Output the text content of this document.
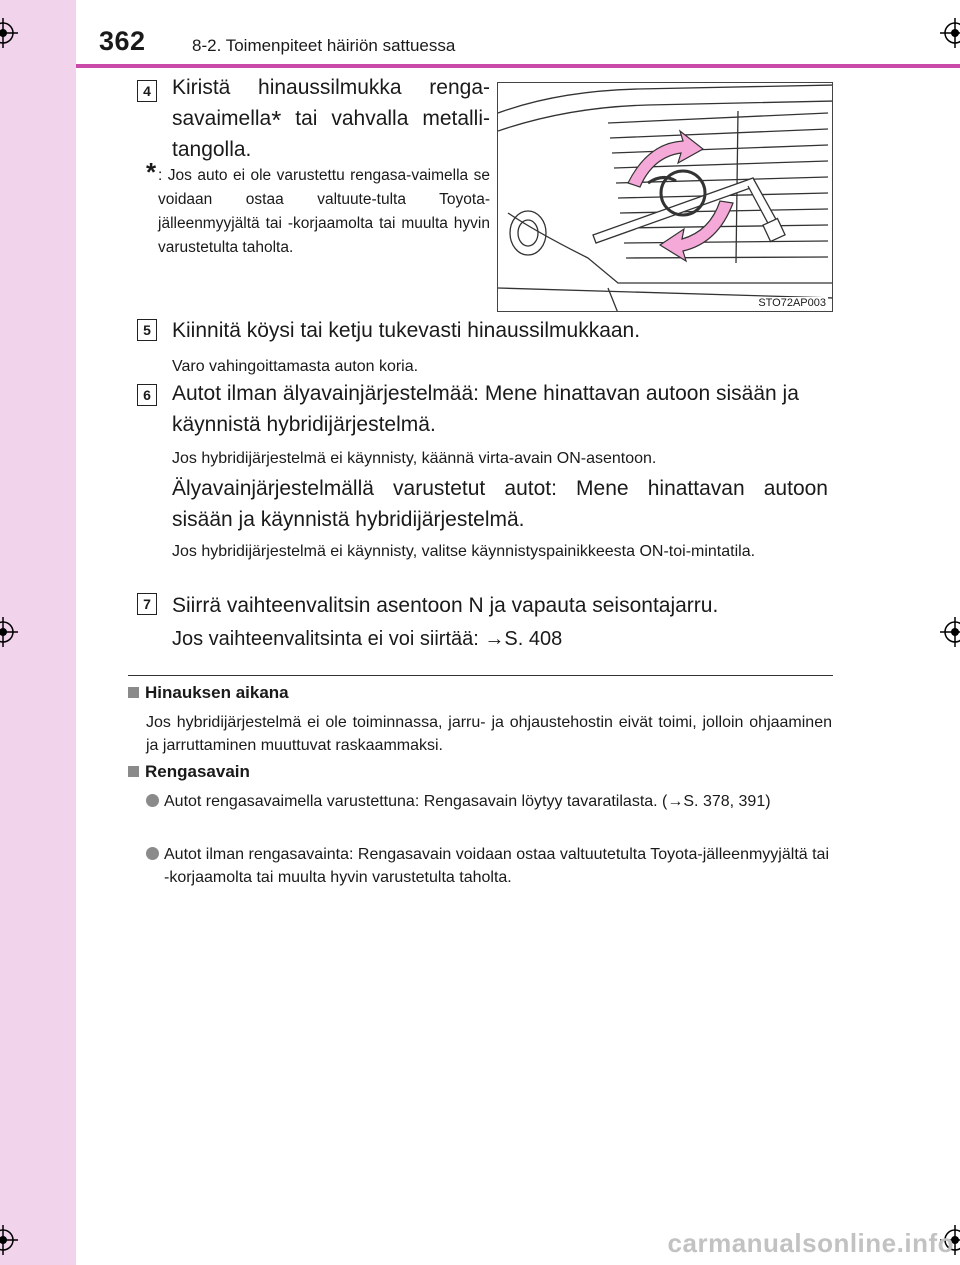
362	8-2. Toimenpiteet häiriön sattuessa
4 Kiristä hinaussilmukka renga-savaimella* tai vahvalla metalli-tangolla.
* : Jos auto ei ole varustettu rengasa-vaimella se voidaan ostaa valtuute-tulta Toyota-jälleenmyyjältä tai -korjaamolta tai muulta hyvin varustetulta taholta.
STO72AP003
5 Kiinnitä köysi tai ketju tukevasti hinaussilmukkaan.
Varo vahingoittamasta auton koria.
6 Autot ilman älyavainjärjestelmää: Mene hinattavan autoon sisään ja käynnistä hybridijärjestelmä.
Jos hybridijärjestelmä ei käynnisty, käännä virta-avain ON-asentoon.
Älyavainjärjestelmällä varustetut autot: Mene hinattavan autoon sisään ja käynnistä hybridijärjestelmä.
Jos hybridijärjestelmä ei käynnisty, valitse käynnistyspainikkeesta ON-toi-mintatila.
7 Siirrä vaihteenvalitsin asentoon N ja vapauta seisontajarru.
Jos vaihteenvalitsinta ei voi siirtää: →S. 408
Hinauksen aikana
Jos hybridijärjestelmä ei ole toiminnassa, jarru- ja ohjaustehostin eivät toimi, jolloin ohjaaminen ja jarruttaminen muuttuvat raskaammaksi.
Rengasavain
Autot rengasavaimella varustettuna: Rengasavain löytyy tavaratilasta. (→S. 378, 391)
Autot ilman rengasavainta: Rengasavain voidaan ostaa valtuutetulta Toyota-jälleenmyyjältä tai -korjaamolta tai muulta hyvin varustetulta taholta.
carmanualsonline.info
